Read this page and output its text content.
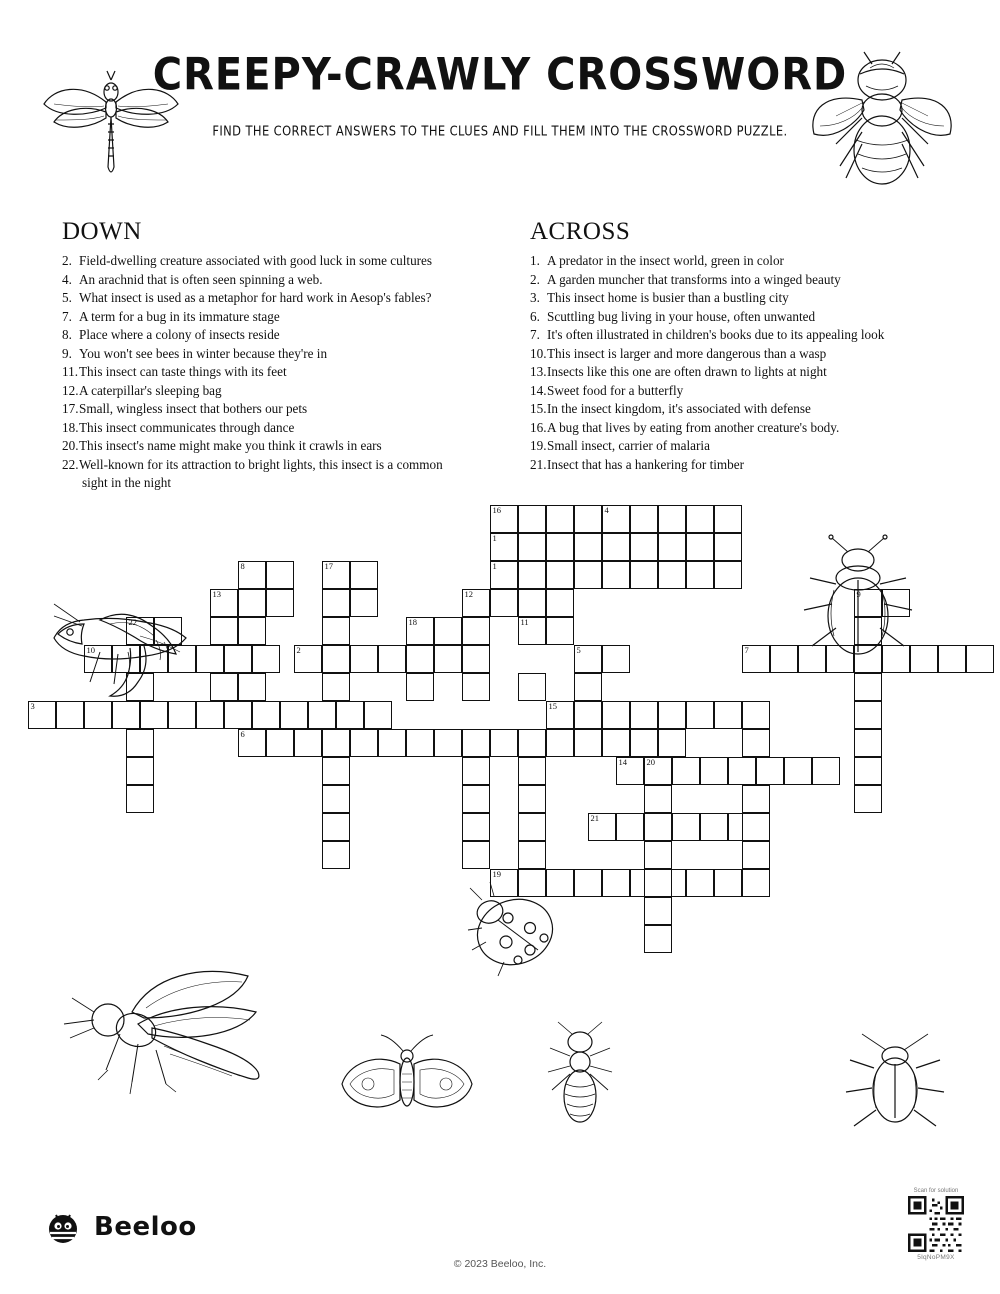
CREEPY-CRAWLY CROSSWORD
FIND THE CORRECT ANSWERS TO THE CLUES AND FILL THEM INTO THE CROSSWORD PUZZLE.
DOWN
2. Field-dwelling creature associated with good luck in some cultures
4. An arachnid that is often seen spinning a web.
5. What insect is used as a metaphor for hard work in Aesop's fables?
7. A term for a bug in its immature stage
8. Place where a colony of insects reside
9. You won't see bees in winter because they're in
11.This insect can taste things with its feet
12.A caterpillar's sleeping bag
17.Small, wingless insect that bothers our pets
18.This insect communicates through dance
20.This insect's name might make you think it crawls in ears
22.Well-known for its attraction to bright lights, this insect is a common sight in the night
ACROSS
1. A predator in the insect world, green in color
2. A garden muncher that transforms into a winged beauty
3. This insect home is busier than a bustling city
6. Scuttling bug living in your house, often unwanted
7. It's often illustrated in children's books due to its appealing look
10.This insect is larger and more dangerous than a wasp
13.Insects like this one are often drawn to lights at night
14.Sweet food for a butterfly
15.In the insect kingdom, it's associated with defense
16.A bug that lives by eating from another creature's body.
19.Small insect, carrier of malaria
21.Insect that has a hankering for timber
16	4
1
8	17	1
13	12	9
22	18	11
10	2	5	7
3	15
6
14 20
21
19
Beeloo
© 2023 Beeloo, Inc.
Scan for solution
5lqNoPM9X
